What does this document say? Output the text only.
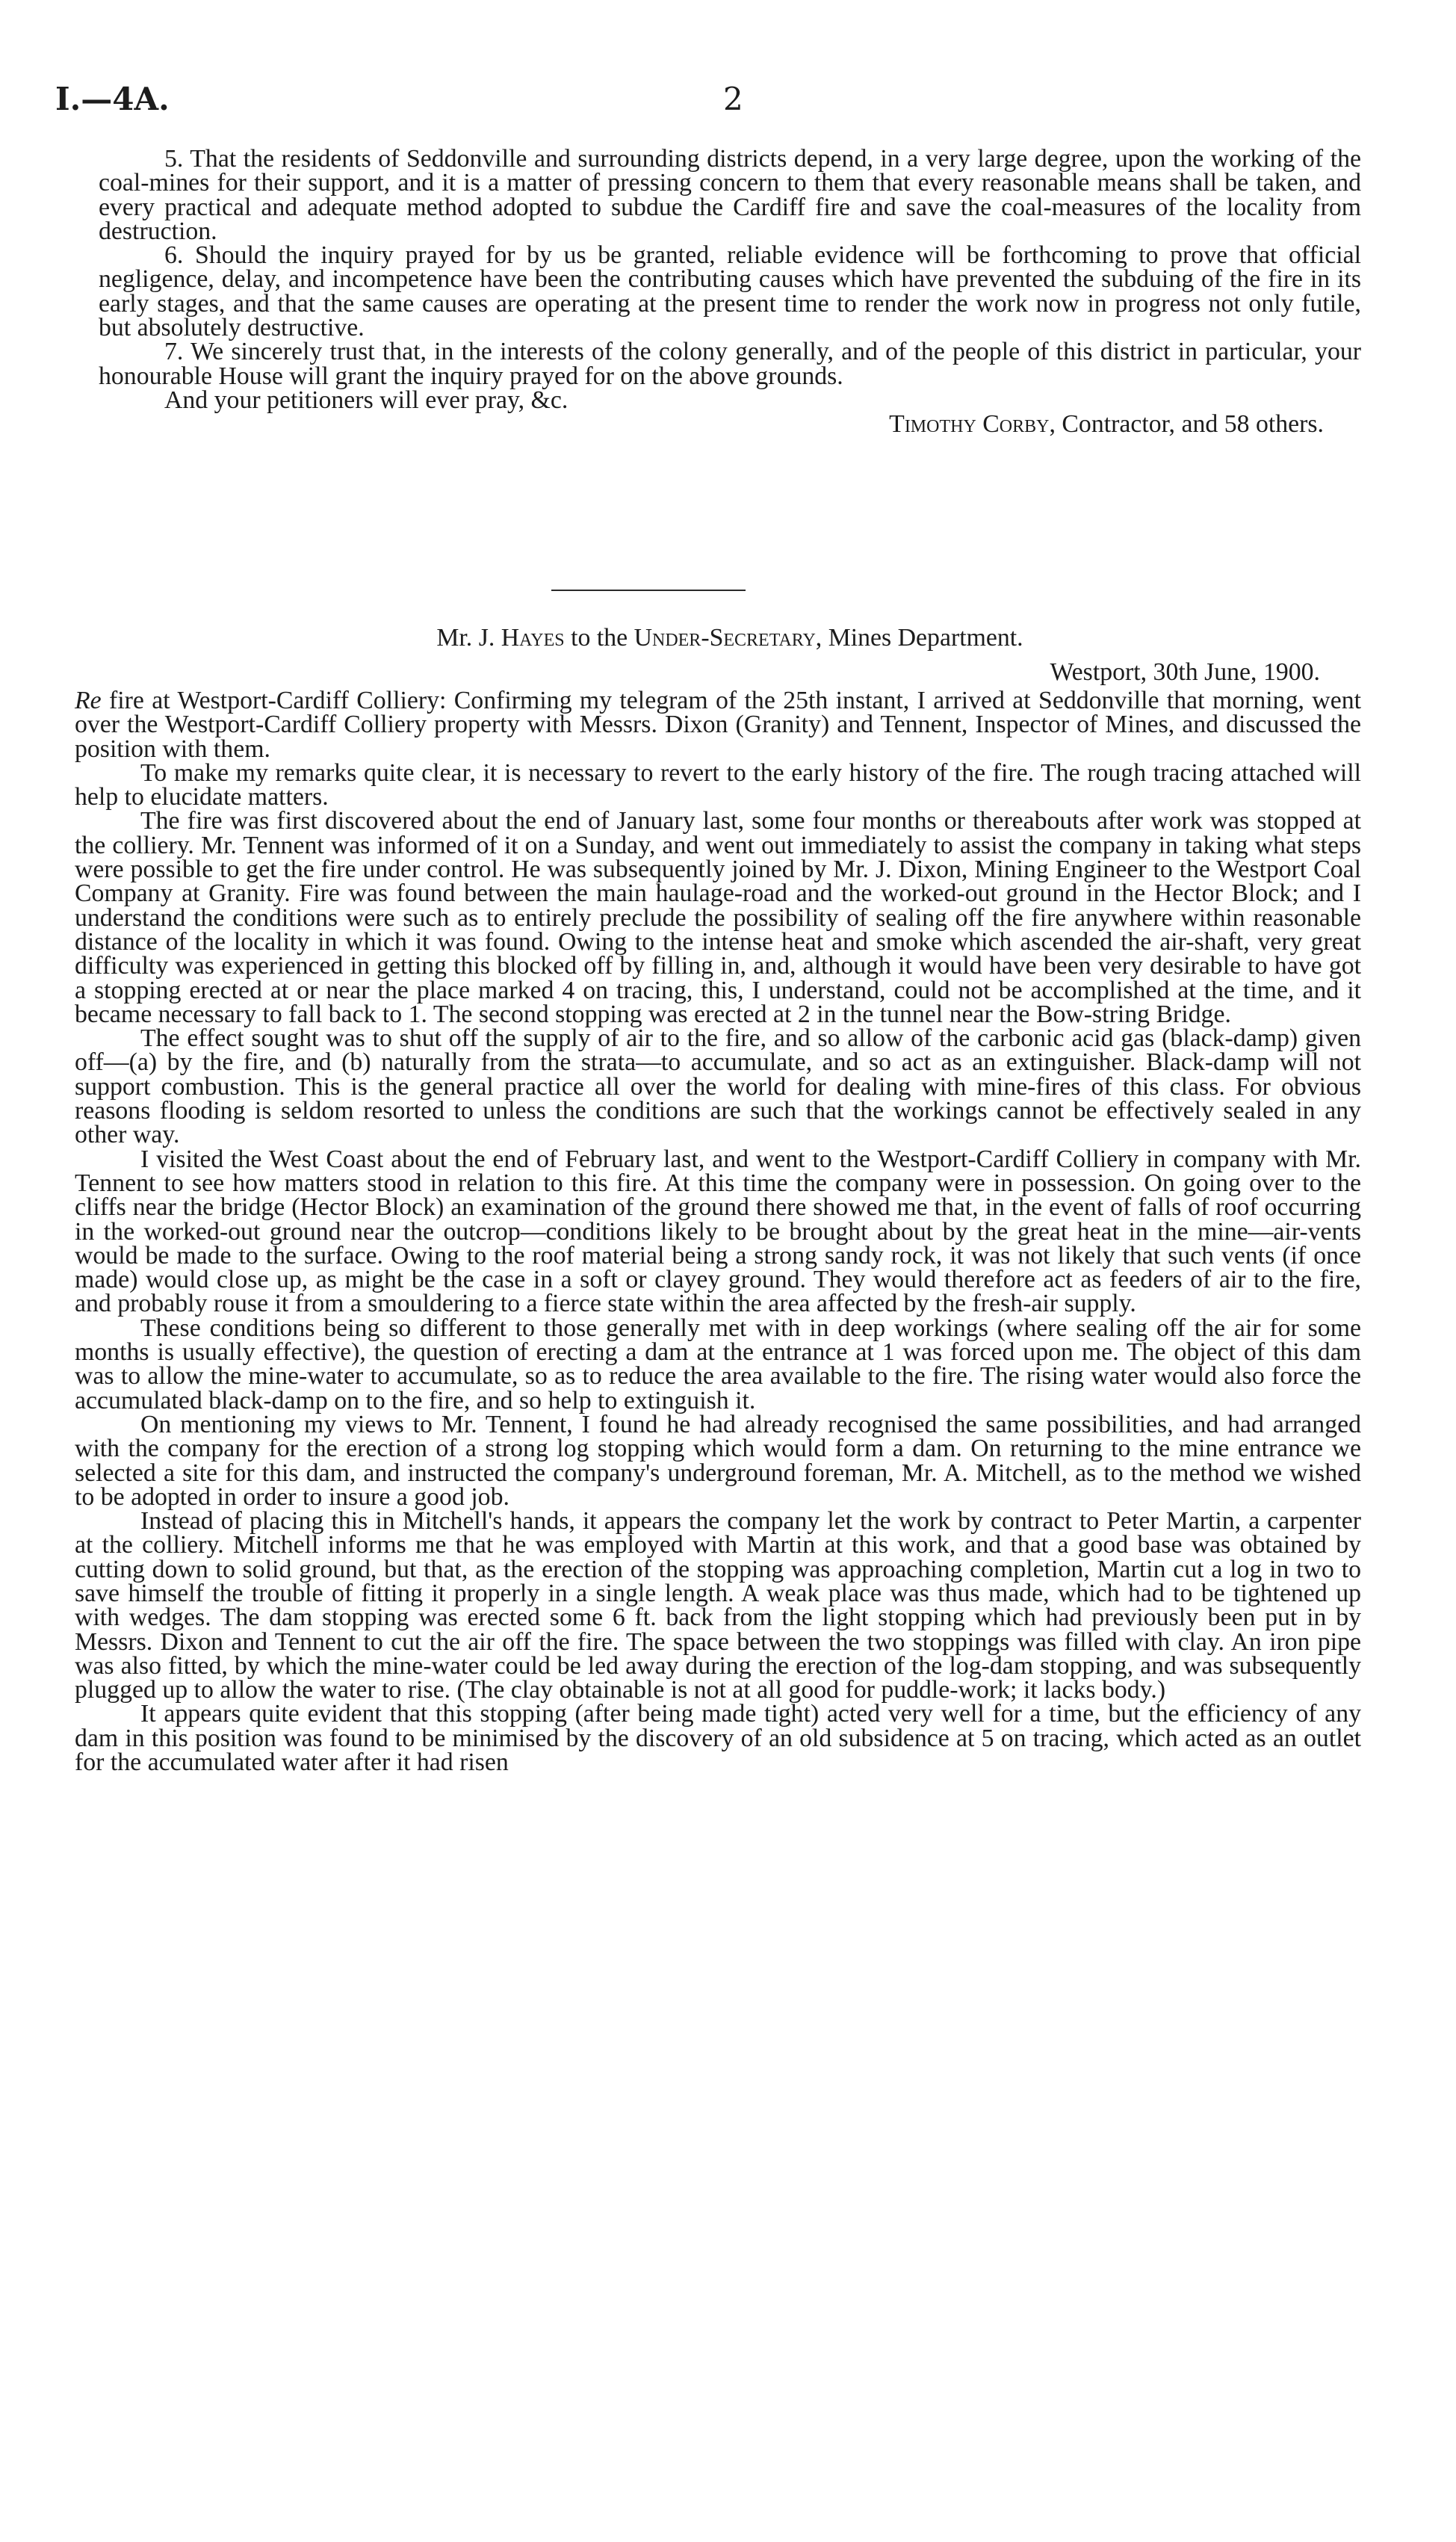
I.—4A.	2

5. That the residents of Seddonville and surrounding districts depend, in a very large degree, upon the working of the coal-mines for their support, and it is a matter of pressing concern to them that every reasonable means shall be taken, and every practical and adequate method adopted to subdue the Cardiff fire and save the coal-measures of the locality from destruction.

6. Should the inquiry prayed for by us be granted, reliable evidence will be forthcoming to prove that official negligence, delay, and incompetence have been the contributing causes which have prevented the subduing of the fire in its early stages, and that the same causes are operating at the present time to render the work now in progress not only futile, but absolutely destructive.

7. We sincerely trust that, in the interests of the colony generally, and of the people of this district in particular, your honourable House will grant the inquiry prayed for on the above grounds.

And your petitioners will ever pray, &c.

Timothy Corby, Contractor, and 58 others.

Mr. J. Hayes to the Under-Secretary, Mines Department.
Westport, 30th June, 1900.

Re fire at Westport-Cardiff Colliery: Confirming my telegram of the 25th instant, I arrived at Seddonville that morning, went over the Westport-Cardiff Colliery property with Messrs. Dixon (Granity) and Tennent, Inspector of Mines, and discussed the position with them.

To make my remarks quite clear, it is necessary to revert to the early history of the fire. The rough tracing attached will help to elucidate matters.

The fire was first discovered about the end of January last, some four months or thereabouts after work was stopped at the colliery. Mr. Tennent was informed of it on a Sunday, and went out immediately to assist the company in taking what steps were possible to get the fire under control. He was subsequently joined by Mr. J. Dixon, Mining Engineer to the Westport Coal Company at Granity. Fire was found between the main haulage-road and the worked-out ground in the Hector Block; and I understand the conditions were such as to entirely preclude the possibility of sealing off the fire anywhere within reasonable distance of the locality in which it was found. Owing to the intense heat and smoke which ascended the air-shaft, very great difficulty was experienced in getting this blocked off by filling in, and, although it would have been very desirable to have got a stopping erected at or near the place marked 4 on tracing, this, I understand, could not be accomplished at the time, and it became necessary to fall back to 1. The second stopping was erected at 2 in the tunnel near the Bow-string Bridge.

The effect sought was to shut off the supply of air to the fire, and so allow of the carbonic acid gas (black-damp) given off—(a) by the fire, and (b) naturally from the strata—to accumulate, and so act as an extinguisher. Black-damp will not support combustion. This is the general practice all over the world for dealing with mine-fires of this class. For obvious reasons flooding is seldom resorted to unless the conditions are such that the workings cannot be effectively sealed in any other way.

I visited the West Coast about the end of February last, and went to the Westport-Cardiff Colliery in company with Mr. Tennent to see how matters stood in relation to this fire. At this time the company were in possession. On going over to the cliffs near the bridge (Hector Block) an examination of the ground there showed me that, in the event of falls of roof occurring in the worked-out ground near the outcrop—conditions likely to be brought about by the great heat in the mine—air-vents would be made to the surface. Owing to the roof material being a strong sandy rock, it was not likely that such vents (if once made) would close up, as might be the case in a soft or clayey ground. They would therefore act as feeders of air to the fire, and probably rouse it from a smouldering to a fierce state within the area affected by the fresh-air supply.

These conditions being so different to those generally met with in deep workings (where sealing off the air for some months is usually effective), the question of erecting a dam at the entrance at 1 was forced upon me. The object of this dam was to allow the mine-water to accumulate, so as to reduce the area available to the fire. The rising water would also force the accumulated black-damp on to the fire, and so help to extinguish it.

On mentioning my views to Mr. Tennent, I found he had already recognised the same possibilities, and had arranged with the company for the erection of a strong log stopping which would form a dam. On returning to the mine entrance we selected a site for this dam, and instructed the company's underground foreman, Mr. A. Mitchell, as to the method we wished to be adopted in order to insure a good job.

Instead of placing this in Mitchell's hands, it appears the company let the work by contract to Peter Martin, a carpenter at the colliery. Mitchell informs me that he was employed with Martin at this work, and that a good base was obtained by cutting down to solid ground, but that, as the erection of the stopping was approaching completion, Martin cut a log in two to save himself the trouble of fitting it properly in a single length. A weak place was thus made, which had to be tightened up with wedges. The dam stopping was erected some 6 ft. back from the light stopping which had previously been put in by Messrs. Dixon and Tennent to cut the air off the fire. The space between the two stoppings was filled with clay. An iron pipe was also fitted, by which the mine-water could be led away during the erection of the log-dam stopping, and was subsequently plugged up to allow the water to rise. (The clay obtainable is not at all good for puddle-work; it lacks body.)

It appears quite evident that this stopping (after being made tight) acted very well for a time, but the efficiency of any dam in this position was found to be minimised by the discovery of an old subsidence at 5 on tracing, which acted as an outlet for the accumulated water after it had risen
